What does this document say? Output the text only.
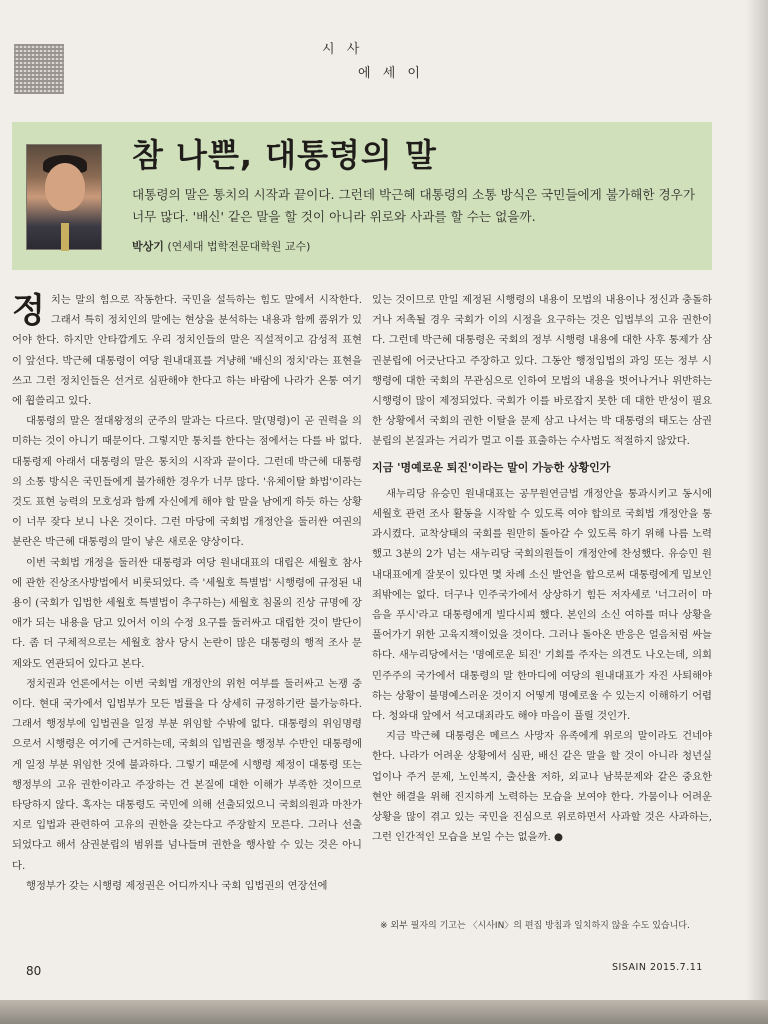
시 사
에 세 이
참 나쁜, 대통령의 말
대통령의 말은 통치의 시작과 끝이다. 그런데 박근혜 대통령의 소통 방식은 국민들에게 불가해한 경우가 너무 많다. '배신' 같은 말을 할 것이 아니라 위로와 사과를 할 수는 없을까.
박상기 (연세대 법학전문대학원 교수)

정치는 말의 힘으로 작동한다. 국민을 설득하는 힘도 말에서 시작한다. 그래서 특히 정치인의 말에는 현상을 분석하는 내용과 함께 품위가 있어야 한다. 하지만 안타깝게도 우리 정치인들의 말은 직설적이고 감성적 표현이 앞선다. 박근혜 대통령이 여당 원내대표를 겨냥해 '배신의 정치'라는 표현을 쓰고 그런 정치인들은 선거로 심판해야 한다고 하는 바람에 나라가 온통 여기에 휩쓸리고 있다.

대통령의 말은 절대왕정의 군주의 말과는 다르다. 말(명령)이 곧 권력을 의미하는 것이 아니기 때문이다. 그렇지만 통치를 한다는 점에서는 다를 바 없다. 대통령제 아래서 대통령의 말은 통치의 시작과 끝이다. 그런데 박근혜 대통령의 소통 방식은 국민들에게 불가해한 경우가 너무 많다. '유체이탈 화법'이라는 것도 표현 능력의 모호성과 함께 자신에게 해야 할 말을 남에게 하듯 하는 상황이 너무 잦다 보니 나온 것이다. 그런 마당에 국회법 개정안을 둘러싼 여권의 분란은 박근혜 대통령의 말이 낳은 새로운 양상이다.

이번 국회법 개정을 둘러싼 대통령과 여당 원내대표의 대립은 세월호 참사에 관한 진상조사방법에서 비롯되었다. 즉 '세월호 특별법' 시행령에 규정된 내용이 (국회가 입법한 세월호 특별법이 추구하는) 세월호 침몰의 진상 규명에 장애가 되는 내용을 담고 있어서 이의 수정 요구를 둘러싸고 대립한 것이 발단이다. 좀 더 구체적으로는 세월호 참사 당시 논란이 많은 대통령의 행적 조사 문제와도 연관되어 있다고 본다.

정치권과 언론에서는 이번 국회법 개정안의 위헌 여부를 둘러싸고 논쟁 중이다. 현대 국가에서 입법부가 모든 법률을 다 상세히 규정하기란 불가능하다. 그래서 행정부에 입법권을 일정 부분 위임할 수밖에 없다. 대통령의 위임명령으로서 시행령은 여기에 근거하는데, 국회의 입법권을 행정부 수반인 대통령에게 일정 부분 위임한 것에 불과하다. 그렇기 때문에 시행령 제정이 대통령 또는 행정부의 고유 권한이라고 주장하는 건 본질에 대한 이해가 부족한 것이므로 타당하지 않다. 혹자는 대통령도 국민에 의해 선출되었으니 국회의원과 마찬가지로 입법과 관련하여 고유의 권한을 갖는다고 주장할지 모른다. 그러나 선출되었다고 해서 삼권분립의 범위를 넘나들며 권한을 행사할 수 있는 것은 아니다.

행정부가 갖는 시행령 제정권은 어디까지나 국회 입법권의 연장선에

있는 것이므로 만일 제정된 시행령의 내용이 모법의 내용이나 정신과 충돌하거나 저촉될 경우 국회가 이의 시정을 요구하는 것은 입법부의 고유 권한이다. 그런데 박근혜 대통령은 국회의 정부 시행령 내용에 대한 사후 통제가 삼권분립에 어긋난다고 주장하고 있다. 그동안 행정입법의 과잉 또는 정부 시행령에 대한 국회의 무관심으로 인하여 모법의 내용을 벗어나거나 위반하는 시행령이 많이 제정되었다. 국회가 이를 바로잡지 못한 데 대한 반성이 필요한 상황에서 국회의 권한 이탈을 문제 삼고 나서는 박 대통령의 태도는 삼권분립의 본질과는 거리가 멀고 이를 표출하는 수사법도 적절하지 않았다.

지금 '명예로운 퇴진'이라는 말이 가능한 상황인가

새누리당 유승민 원내대표는 공무원연금법 개정안을 통과시키고 동시에 세월호 관련 조사 활동을 시작할 수 있도록 여야 합의로 국회법 개정안을 통과시켰다. 교착상태의 국회를 원만히 돌아갈 수 있도록 하기 위해 나름 노력했고 3분의 2가 넘는 새누리당 국회의원들이 개정안에 찬성했다. 유승민 원내대표에게 잘못이 있다면 몇 차례 소신 발언을 합으로써 대통령에게 밉보인 죄밖에는 없다. 더구나 민주국가에서 상상하기 힘든 저자세로 '너그러이 마음을 푸시'라고 대통령에게 빌다시피 했다. 본인의 소신 여하를 떠나 상황을 풀어가기 위한 고육지책이었을 것이다. 그러나 돌아온 반응은 얼음처럼 싸늘하다. 새누리당에서는 '명예로운 퇴진' 기회를 주자는 의견도 나오는데, 의회민주주의 국가에서 대통령의 말 한마디에 여당의 원내대표가 자진 사퇴해야 하는 상황이 불명예스러운 것이지 어떻게 명예로울 수 있는지 이해하기 어렵다. 청와대 앞에서 석고대죄라도 해야 마음이 풀릴 것인가.

지금 박근혜 대통령은 메르스 사망자 유족에게 위로의 말이라도 건네야 한다. 나라가 어려운 상황에서 심판, 배신 같은 말을 할 것이 아니라 청년실업이나 주거 문제, 노인복지, 출산율 저하, 외교나 남북문제와 같은 중요한 현안 해결을 위해 진지하게 노력하는 모습을 보여야 한다. 가뭄이나 어려운 상황을 많이 겪고 있는 국민을 진심으로 위로하면서 사과할 것은 사과하는, 그런 인간적인 모습을 보일 수는 없을까. ●

※ 외부 필자의 기고는 〈시사IN〉의 편집 방침과 일치하지 않을 수도 있습니다.
80	SISAIN 2015.7.11
